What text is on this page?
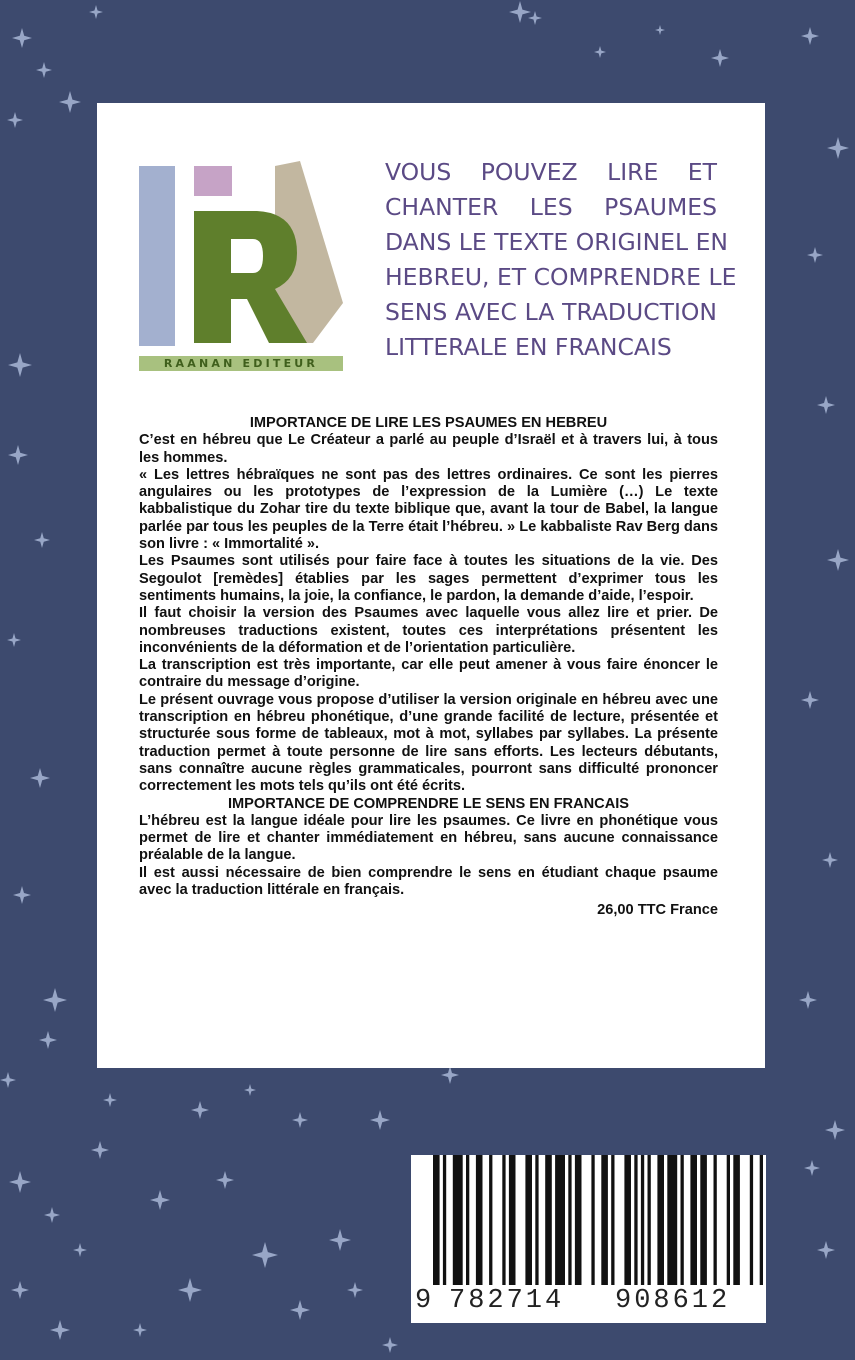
RAANAN EDITEUR
VOUS POUVEZ LIRE ET
CHANTER LES PSAUMES
DANS LE TEXTE ORIGINEL EN
HEBREU, ET COMPRENDRE LE
SENS AVEC LA TRADUCTION
LITTERALE EN FRANCAIS
IMPORTANCE DE LIRE LES PSAUMES EN HEBREU

C’est en hébreu que Le Créateur a parlé au peuple d’Israël et à travers lui, à tous les hommes.

« Les lettres hébraïques ne sont pas des lettres ordinaires. Ce sont les pierres angulaires ou les prototypes de l’expression de la Lumière (…) Le texte kabbalistique du Zohar tire du texte biblique que, avant la tour de Babel, la langue parlée par tous les peuples de la Terre était l’hébreu. » Le kabbaliste Rav Berg dans son livre : « Immortalité ».

Les Psaumes sont utilisés pour faire face à toutes les situations de la vie. Des Segoulot [remèdes] établies par les sages permettent d’exprimer tous les sentiments humains, la joie, la confiance, le pardon, la demande d’aide, l’espoir.

Il faut choisir la version des Psaumes avec laquelle vous allez lire et prier. De nombreuses traductions existent, toutes ces interprétations présentent les inconvénients de la déformation et de l’orientation particulière.

La transcription est très importante, car elle peut amener à vous faire énoncer le contraire du message d’origine.

Le présent ouvrage vous propose d’utiliser la version originale en hébreu avec une transcription en hébreu phonétique, d’une grande facilité de lecture, présentée et structurée sous forme de tableaux, mot à mot, syllabes par syllabes. La présente traduction permet à toute personne de lire sans efforts. Les lecteurs débutants, sans connaître aucune règles grammaticales, pourront sans difficulté prononcer correctement les mots tels qu’ils ont été écrits.

IMPORTANCE DE COMPRENDRE LE SENS EN FRANCAIS

L’hébreu est la langue idéale pour lire les psaumes. Ce livre en phonétique vous permet de lire et chanter immédiatement en hébreu, sans aucune connaissance préalable de la langue.

Il est aussi nécessaire de bien comprendre le sens en étudiant chaque psaume avec la traduction littérale en français.

26,00 TTC France

9 782714 908612
